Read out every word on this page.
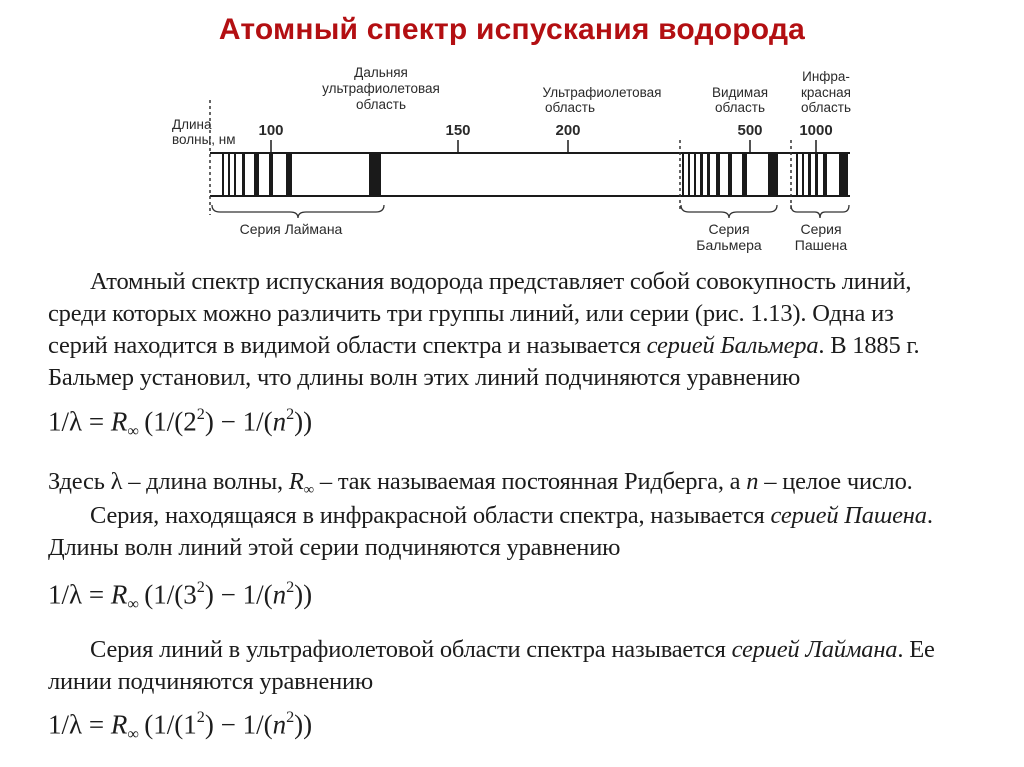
Атомный спектр испускания водорода
100	150	200	500 1000
Длина
волны, нм
Дальняя
ультрафиолетовая
область
Ультрафиолетовая
область
Видимая
область
Инфра-
красная
область
Серия Лаймана	Серия
Бальмера
Серия
Пашена
Атомный спектр испускания водорода представляет собой совокупность линий,
среди которых можно различить три группы линий, или серии (рис. 1.13). Одна из
серий находится в видимой области спектра и называется серией Бальмера. В 1885 г.
Бальмер установил, что длины волн этих линий подчиняются уравнению
$1/\lambda = R_\infty$  $(1/(2^2) - 1/(n^2))$
Здесь λ – длина волны, $R_\infty$ – так называемая постоянная Ридберга, а n – целое число.
Серия, находящаяся в инфракрасной области спектра, называется серией Пашена.
Длины волн линий этой серии подчиняются уравнению
$1/\lambda = R_\infty$  $(1/(3^2) - 1/(n^2))$
Серия линий в ультрафиолетовой области спектра называется серией Лаймана. Ее
линии подчиняются уравнению
$1/\lambda = R_\infty$  $(1/(1^2) - 1/(n^2))$
